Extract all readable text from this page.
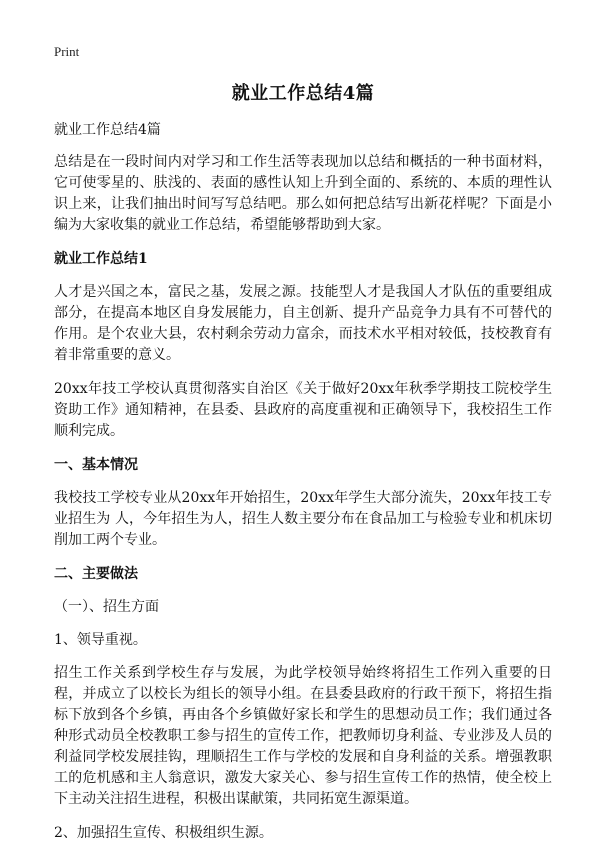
Print
就业工作总结4篇
就业工作总结4篇
总结是在一段时间内对学习和工作生活等表现加以总结和概括的一种书面材料，它可使零星的、肤浅的、表面的感性认知上升到全面的、系统的、本质的理性认识上来，让我们抽出时间写写总结吧。那么如何把总结写出新花样呢？下面是小编为大家收集的就业工作总结，希望能够帮助到大家。
就业工作总结1
人才是兴国之本，富民之基，发展之源。技能型人才是我国人才队伍的重要组成部分，在提高本地区自身发展能力，自主创新、提升产品竞争力具有不可替代的作用。是个农业大县，农村剩余劳动力富余，而技术水平相对较低，技校教育有着非常重要的意义。
20xx年技工学校认真贯彻落实自治区《关于做好20xx年秋季学期技工院校学生资助工作》通知精神，在县委、县政府的高度重视和正确领导下，我校招生工作顺利完成。
一、基本情况
我校技工学校专业从20xx年开始招生，20xx年学生大部分流失，20xx年技工专业招生为 人，今年招生为人，招生人数主要分布在食品加工与检验专业和机床切削加工两个专业。
二、主要做法
（一）、招生方面
1、领导重视。
招生工作关系到学校生存与发展，为此学校领导始终将招生工作列入重要的日程，并成立了以校长为组长的领导小组。在县委县政府的行政干预下，将招生指标下放到各个乡镇，再由各个乡镇做好家长和学生的思想动员工作；我们通过各种形式动员全校教职工参与招生的宣传工作，把教师切身利益、专业涉及人员的利益同学校发展挂钩，理顺招生工作与学校的发展和自身利益的关系。增强教职工的危机感和主人翁意识，激发大家关心、参与招生宣传工作的热情，使全校上下主动关注招生进程，积极出谋献策，共同拓宽生源渠道。
2、加强招生宣传、积极组织生源。
